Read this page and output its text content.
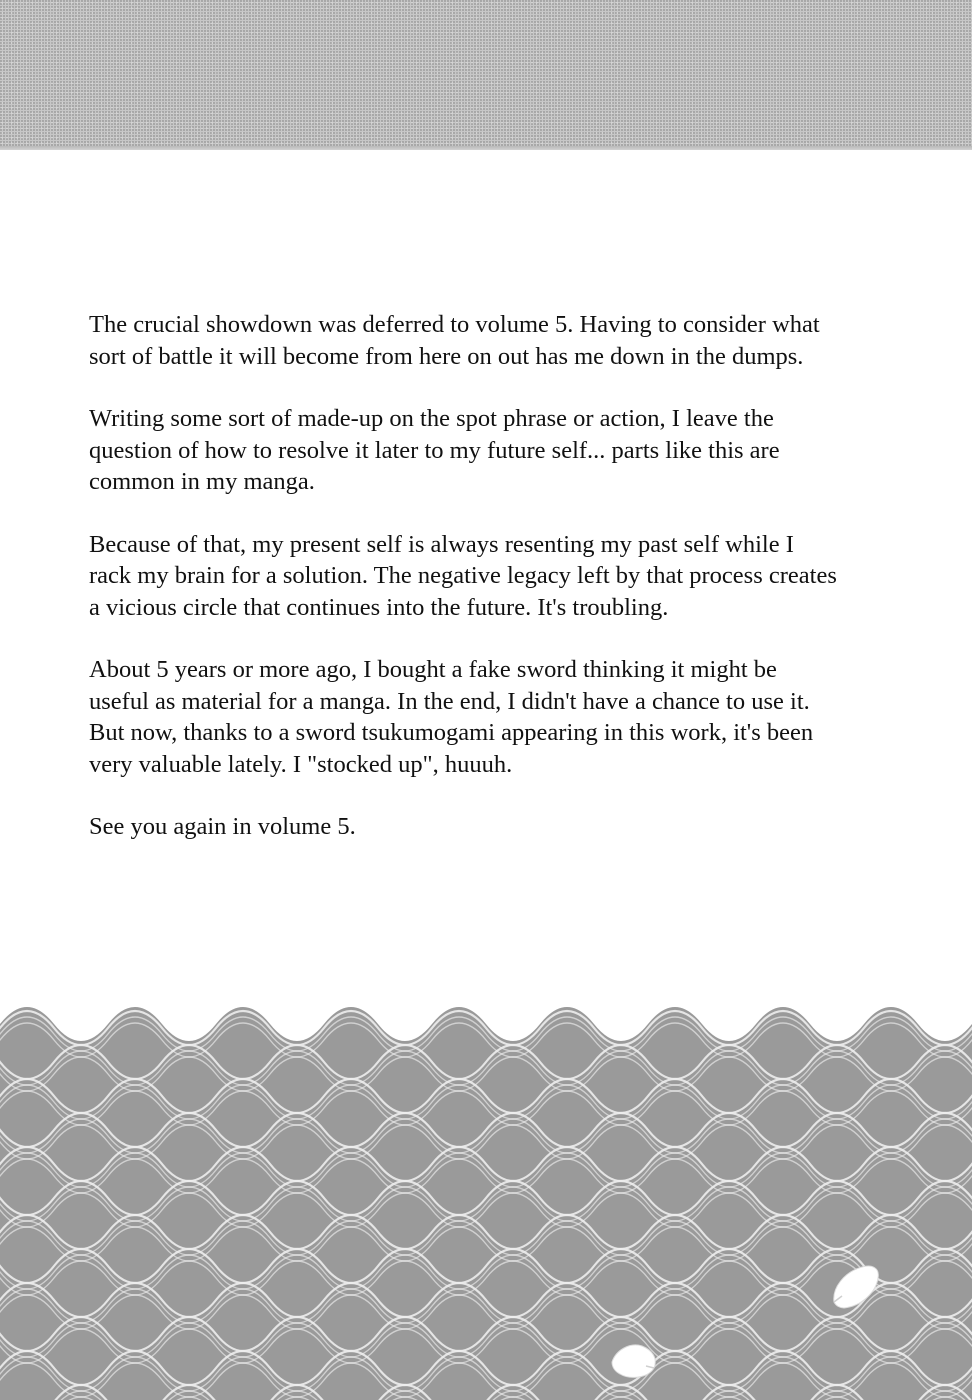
The crucial showdown was deferred to volume 5. Having to consider what
sort of battle it will become from here on out has me down in the dumps.

Writing some sort of made-up on the spot phrase or action, I leave the
question of how to resolve it later to my future self... parts like this are
common in my manga.

Because of that, my present self is always resenting my past self while I
rack my brain for a solution. The negative legacy left by that process creates
a vicious circle that continues into the future. It's troubling.

About 5 years or more ago, I bought a fake sword thinking it might be
useful as material for a manga. In the end, I didn't have a chance to use it.
But now, thanks to a sword tsukumogami appearing in this work, it's been
very valuable lately. I "stocked up", huuuh.

See you again in volume 5.
